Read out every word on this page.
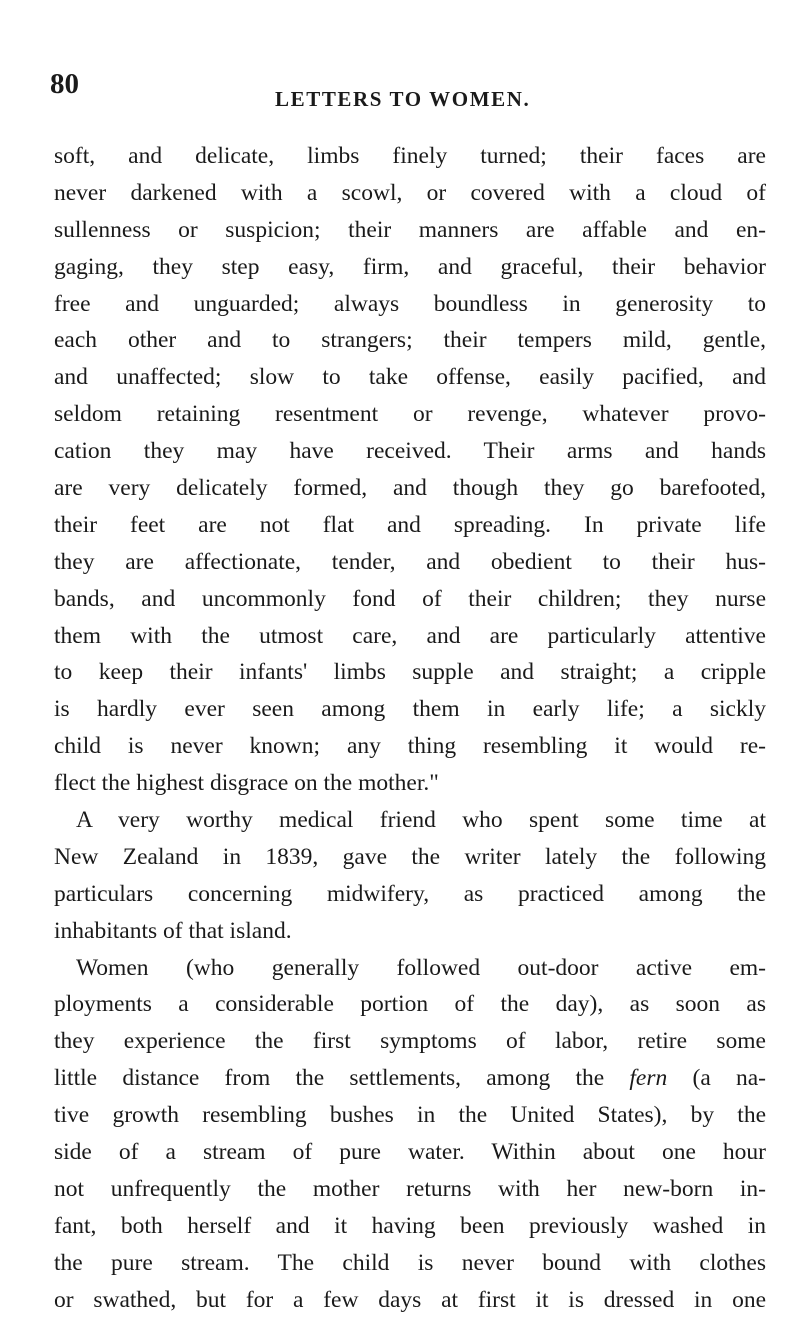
80	LETTERS TO WOMEN.
soft, and delicate, limbs finely turned; their faces are
never darkened with a scowl, or covered with a cloud of
sullenness or suspicion; their manners are affable and en-
gaging, they step easy, firm, and graceful, their behavior
free and unguarded; always boundless in generosity to
each other and to strangers; their tempers mild, gentle,
and unaffected; slow to take offense, easily pacified, and
seldom retaining resentment or revenge, whatever provo-
cation they may have received. Their arms and hands
are very delicately formed, and though they go barefooted,
their feet are not flat and spreading. In private life
they are affectionate, tender, and obedient to their hus-
bands, and uncommonly fond of their children; they nurse
them with the utmost care, and are particularly attentive
to keep their infants' limbs supple and straight; a cripple
is hardly ever seen among them in early life; a sickly
child is never known; any thing resembling it would re-
flect the highest disgrace on the mother."
A very worthy medical friend who spent some time at
New Zealand in 1839, gave the writer lately the following
particulars concerning midwifery, as practiced among the
inhabitants of that island.
Women (who generally followed out-door active em-
ployments a considerable portion of the day), as soon as
they experience the first symptoms of labor, retire some
little distance from the settlements, among the fern (a na-
tive growth resembling bushes in the United States), by the
side of a stream of pure water. Within about one hour
not unfrequently the mother returns with her new-born in-
fant, both herself and it having been previously washed in
the pure stream. The child is never bound with clothes
or swathed, but for a few days at first it is dressed in one
